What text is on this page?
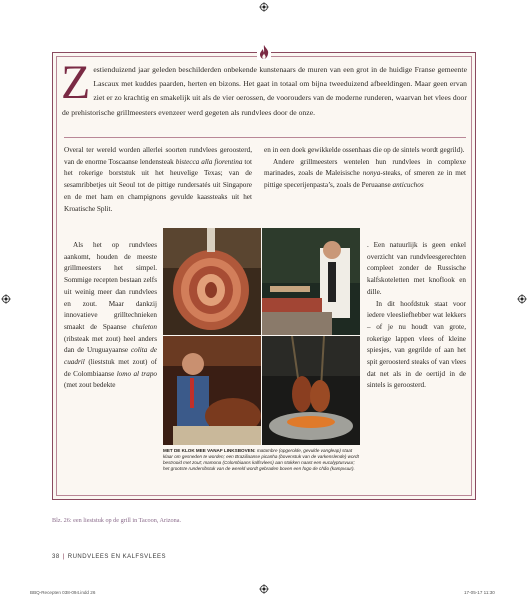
Zestienduizend jaar geleden beschilderden onbekende kunstenaars de muren van een grot in de huidige Franse gemeente Lascaux met kuddes paarden, herten en bizons. Het gaat in totaal om bijna tweeduizend afbeeldingen. Maar geen ervan ziet er zo krachtig en smakelijk uit als de vier oerossen, de voorouders van de moderne runderen, waarvan het vlees door de prehistorische grillmeesters evenzeer werd gegeten als rundvlees door de onze.

Overal ter wereld worden allerlei soorten rundvlees geroosterd, van de enorme Toscaanse lendensteak bistecca alla fiorentina tot het rokerige borststuk uit het heuvelige Texas; van de sesamribbetjes uit Seoul tot de pittige rundersatés uit Singapore en de met ham en champignons gevulde kaassteaks uit het Kroatische Split.

Als het op rundvlees aankomt, houden de meeste grillmeesters het simpel. Sommige recepten bestaan zelfs uit weinig meer dan rundvlees en zout. Maar dankzij innovatieve grilltechnieken smaakt de Spaanse chuleton (ribsteak met zout) heel anders dan de Uruguayaanse colita de cuadril (lieststuk met zout) of de Colombiaanse lomo al trapo (met zout bedekte

en in een doek gewikkelde ossenhaas die op de sintels wordt gegrild).

Andere grillmeesters wentelen hun rundvlees in complexe marinades, zoals de Maleisische nonya-steaks, of smeren ze in met pittige specerijenpasta’s, zoals de Peruaanse anticuchos

. Een natuurlijk is geen enkel overzicht van rundvleesgerechten compleet zonder de Russische kalfskoteletten met knoflook en dille.

In dit hoofdstuk staat voor iedere vleesliefhebber wat lekkers – of je nu houdt van grote, rokerige lappen vlees of kleine spiesjes, van gegrilde of aan het spit geroosterd steaks of van vlees dat net als in de oertijd in de sintels is geroosterd.

MET DE KLOK MEE VANAF LINKSBOVEN: matambre (opgerolde, gevulde vangleap) staat klaar om gesneden te worden; een Braziliaanse picanha (bovenstuk van de varkenslende) wordt bestrooid met zout; mamona (Colombiaans kalfsvlees) aan stokken naast een eucalyptusvuur; het grootste runderribstuk van de wereld wordt gebraden boven een fogo de chão (kampvuur).
Blz. 26: een lieststuk op de grill in Tacoon, Arizona.
38 | RUNDVLEES EN KALFSVLEES
BBQ-Recepten 038-094.indd 26	17-05-17 11:30
